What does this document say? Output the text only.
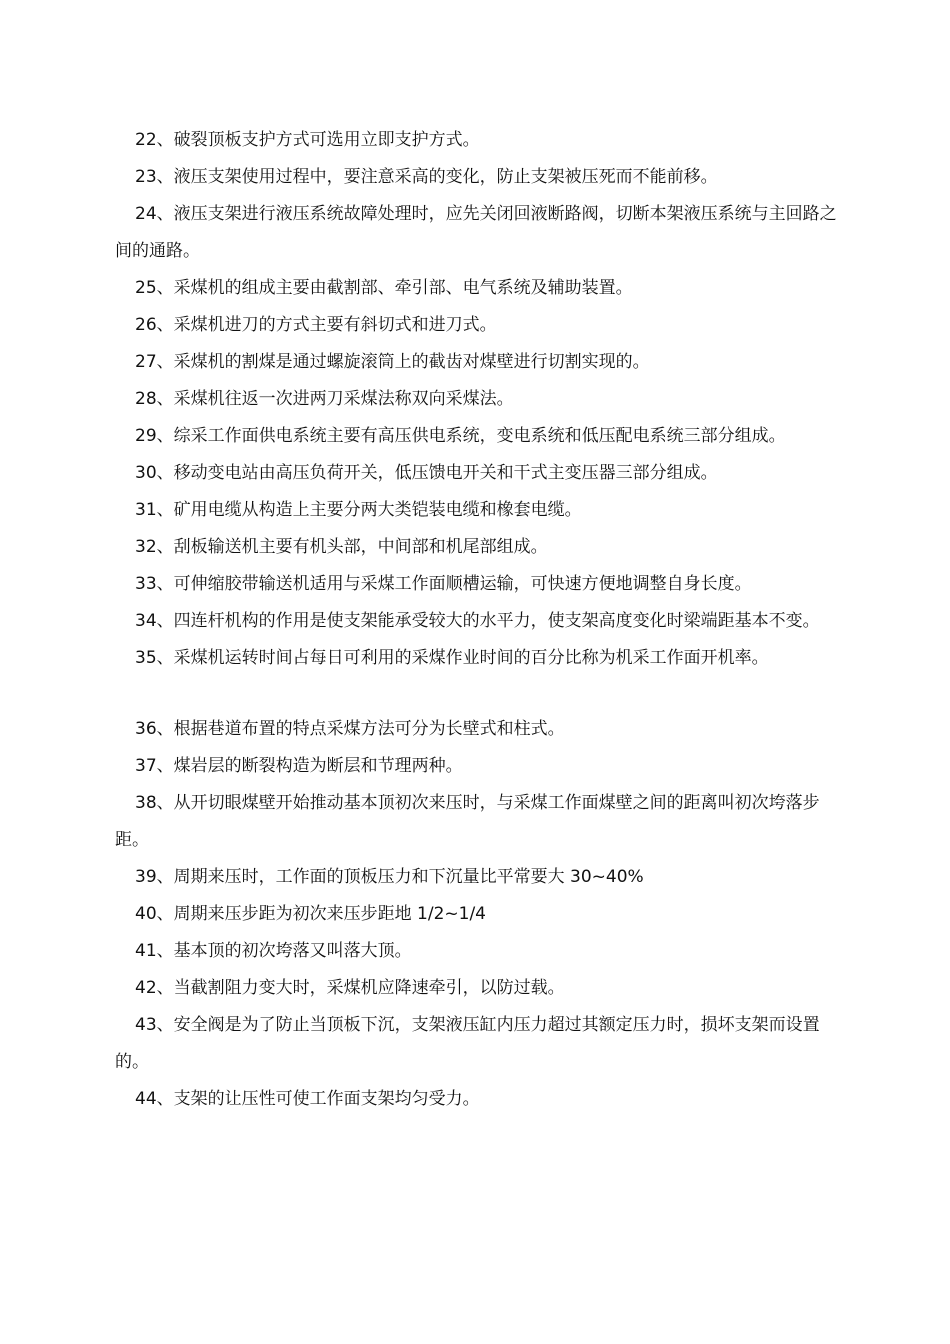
22、破裂顶板支护方式可选用立即支护方式。

23、液压支架使用过程中，要注意采高的变化，防止支架被压死而不能前移。

24、液压支架进行液压系统故障处理时，应先关闭回液断路阀，切断本架液压系统与主回路之间的通路。

25、采煤机的组成主要由截割部、牵引部、电气系统及辅助装置。

26、采煤机进刀的方式主要有斜切式和进刀式。

27、采煤机的割煤是通过螺旋滚筒上的截齿对煤壁进行切割实现的。

28、采煤机往返一次进两刀采煤法称双向采煤法。

29、综采工作面供电系统主要有高压供电系统，变电系统和低压配电系统三部分组成。

30、移动变电站由高压负荷开关，低压馈电开关和干式主变压器三部分组成。

31、矿用电缆从构造上主要分两大类铠装电缆和橡套电缆。

32、刮板输送机主要有机头部，中间部和机尾部组成。

33、可伸缩胶带输送机适用与采煤工作面顺槽运输，可快速方便地调整自身长度。

34、四连杆机构的作用是使支架能承受较大的水平力，使支架高度变化时梁端距基本不变。

35、采煤机运转时间占每日可利用的采煤作业时间的百分比称为机采工作面开机率。

36、根据巷道布置的特点采煤方法可分为长壁式和柱式。

37、煤岩层的断裂构造为断层和节理两种。

38、从开切眼煤壁开始推动基本顶初次来压时，与采煤工作面煤壁之间的距离叫初次垮落步距。

39、周期来压时，工作面的顶板压力和下沉量比平常要大 30~40%

40、周期来压步距为初次来压步距地 1/2~1/4

41、基本顶的初次垮落又叫落大顶。

42、当截割阻力变大时，采煤机应降速牵引，以防过载。

43、安全阀是为了防止当顶板下沉，支架液压缸内压力超过其额定压力时，损坏支架而设置的。

44、支架的让压性可使工作面支架均匀受力。
